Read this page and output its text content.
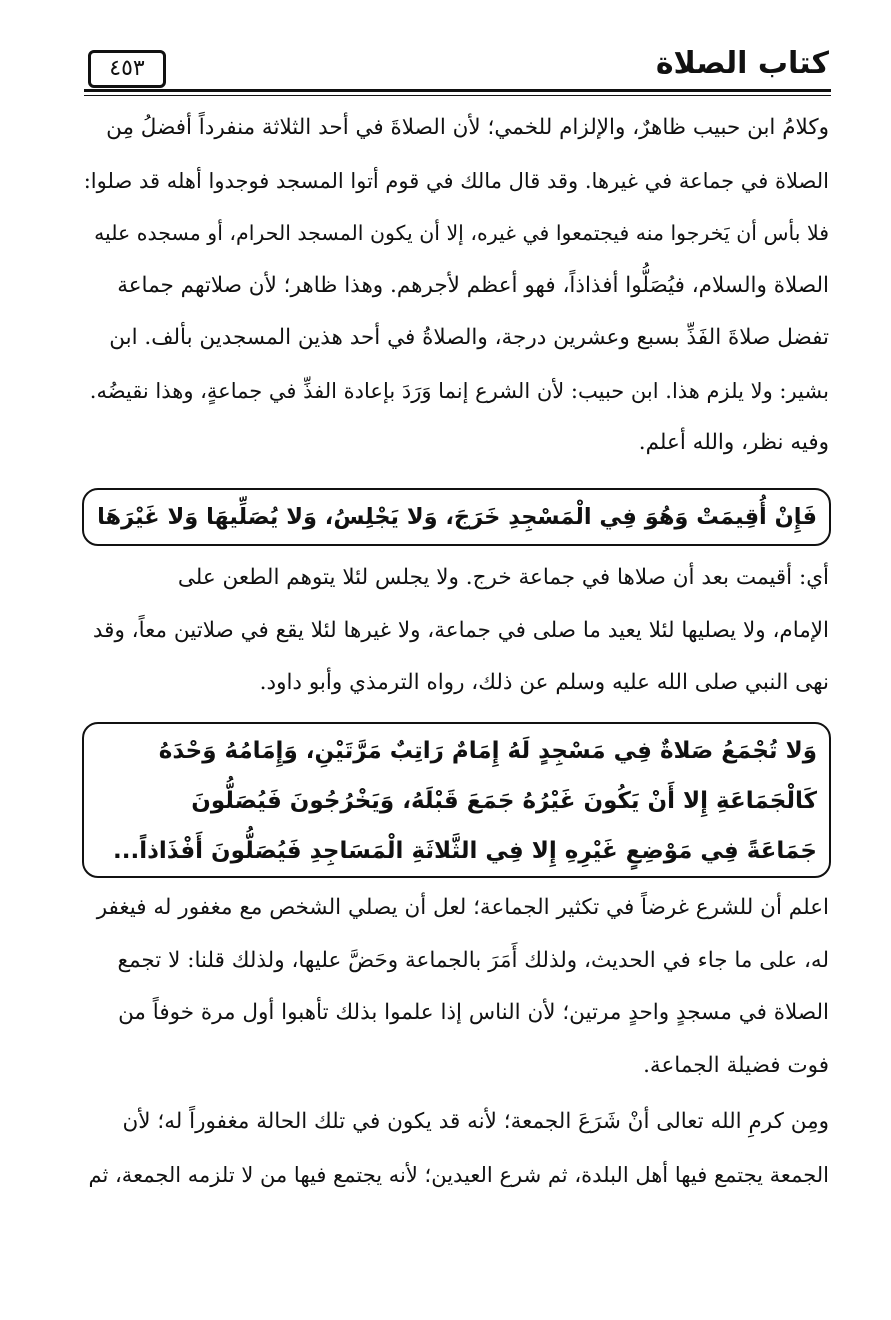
كتاب الصلاة
٤٥٣

وكلامُ ابن حبيب ظاهرٌ، والإلزام للخمي؛ لأن الصلاةَ في أحد الثلاثة منفرداً أفضلُ مِن
الصلاة في جماعة في غيرها. وقد قال مالك في قوم أتوا المسجد فوجدوا أهله قد صلوا:
فلا بأس أن يَخرجوا منه فيجتمعوا في غيره، إلا أن يكون المسجد الحرام، أو مسجده عليه
الصلاة والسلام، فيُصَلُّوا أفذاذاً، فهو أعظم لأجرهم. وهذا ظاهر؛ لأن صلاتهم جماعة
تفضل صلاةَ الفَذِّ بسبع وعشرين درجة، والصلاةُ في أحد هذين المسجدين بألف. ابن
بشير: ولا يلزم هذا. ابن حبيب: لأن الشرع إنما وَرَدَ بإعادة الفذِّ في جماعةٍ، وهذا نقيضُه.
وفيه نظر، والله أعلم.

فَإِنْ أُقِيمَتْ وَهُوَ فِي الْمَسْجِدِ خَرَجَ، وَلا يَجْلِسُ، وَلا يُصَلِّيهَا وَلا غَيْرَهَا

أي: أقيمت بعد أن صلاها في جماعة خرج. ولا يجلس لئلا يتوهم الطعن على
الإمام، ولا يصليها لئلا يعيد ما صلى في جماعة، ولا غيرها لئلا يقع في صلاتين معاً، وقد
نهى النبي صلى الله عليه وسلم عن ذلك، رواه الترمذي وأبو داود.

وَلا تُجْمَعُ صَلاةٌ فِي مَسْجِدٍ لَهُ إِمَامٌ رَاتِبٌ مَرَّتَيْنِ، وَإِمَامُهُ وَحْدَهُ
كَالْجَمَاعَةِ إِلا أَنْ يَكُونَ غَيْرُهُ جَمَعَ قَبْلَهُ، وَيَخْرُجُونَ فَيُصَلُّونَ
جَمَاعَةً فِي مَوْضِعٍ غَيْرِهِ إِلا فِي الثَّلاثَةِ الْمَسَاجِدِ فَيُصَلُّونَ أَفْذَاذاً...

اعلم أن للشرع غرضاً في تكثير الجماعة؛ لعل أن يصلي الشخص مع مغفور له فيغفر
له، على ما جاء في الحديث، ولذلك أَمَرَ بالجماعة وحَضَّ عليها، ولذلك قلنا: لا تجمع
الصلاة في مسجدٍ واحدٍ مرتين؛ لأن الناس إذا علموا بذلك تأهبوا أول مرة خوفاً من
فوت فضيلة الجماعة.

ومِن كرمِ الله تعالى أنْ شَرَعَ الجمعة؛ لأنه قد يكون في تلك الحالة مغفوراً له؛ لأن
الجمعة يجتمع فيها أهل البلدة، ثم شرع العيدين؛ لأنه يجتمع فيها من لا تلزمه الجمعة، ثم
